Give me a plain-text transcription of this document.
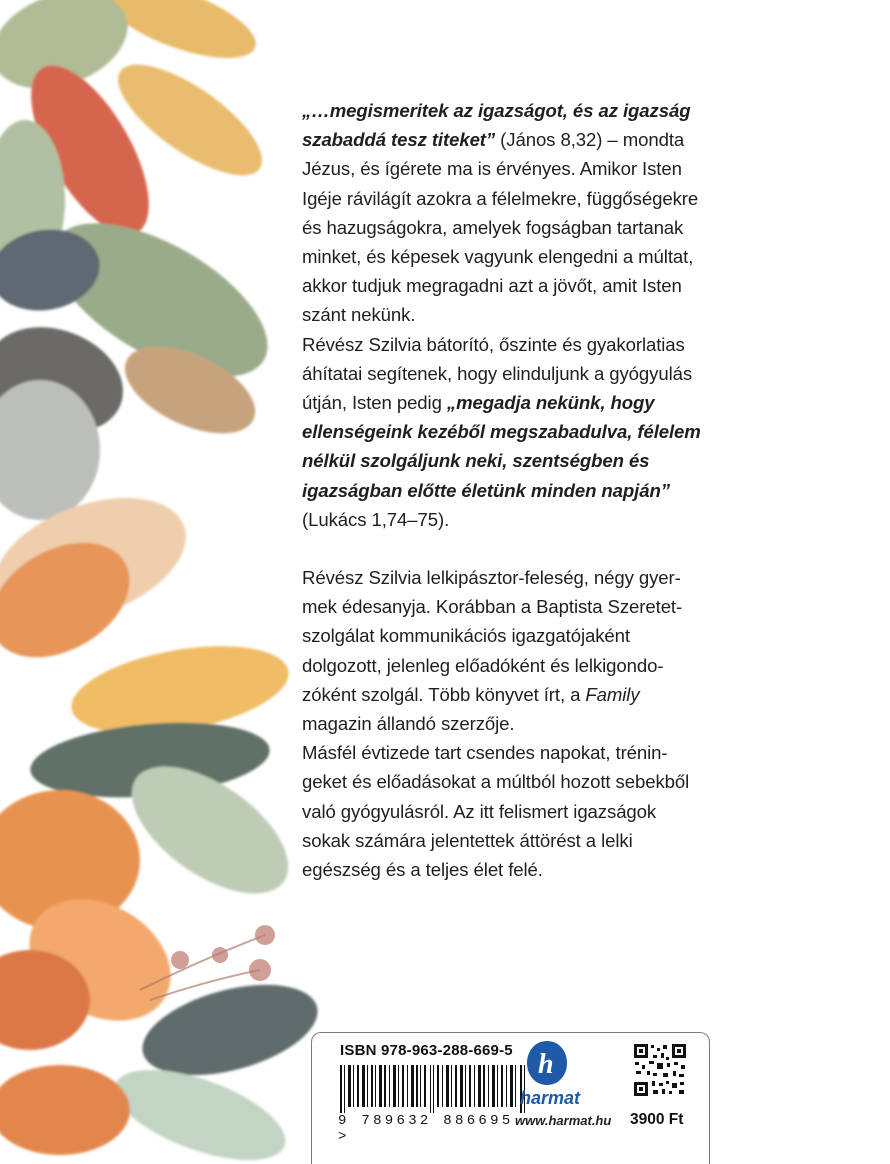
„…megismeritek az igazságot, és az igazság szabaddá tesz titeket” (János 8,32) – mondta Jézus, és ígérete ma is érvényes. Amikor Isten Igéje rávilágít azokra a félelmekre, függőségekre és hazugságokra, amelyek fogságban tartanak minket, és képesek vagyunk elengedni a múltat, akkor tudjuk megragadni azt a jövőt, amit Isten szánt nekünk.

Révész Szilvia bátorító, őszinte és gyakorlatias áhítatai segítenek, hogy elinduljunk a gyógyulás útján, Isten pedig „megadja nekünk, hogy ellenségeink kezéből megszabadulva, félelem nélkül szolgáljunk neki, szentségben és igazságban előtte életünk minden napján” (Lukács 1,74–75).

Révész Szilvia lelkipásztor-feleség, négy gyermek édesanyja. Korábban a Baptista Szeretetszolgálat kommunikációs igazgatójaként dolgozott, jelenleg előadóként és lelkigondozóként szolgál. Több könyvet írt, a Family magazin állandó szerzője.

Másfél évtizede tart csendes napokat, tréningeket és előadásokat a múltból hozott sebekből való gyógyulásról. Az itt felismert igazságok sokak számára jelentettek áttörést a lelki egészség és a teljes élet felé.

ISBN 978-963-288-669-5
9 789632 886695 >
h
harmat
www.harmat.hu 3900 Ft
